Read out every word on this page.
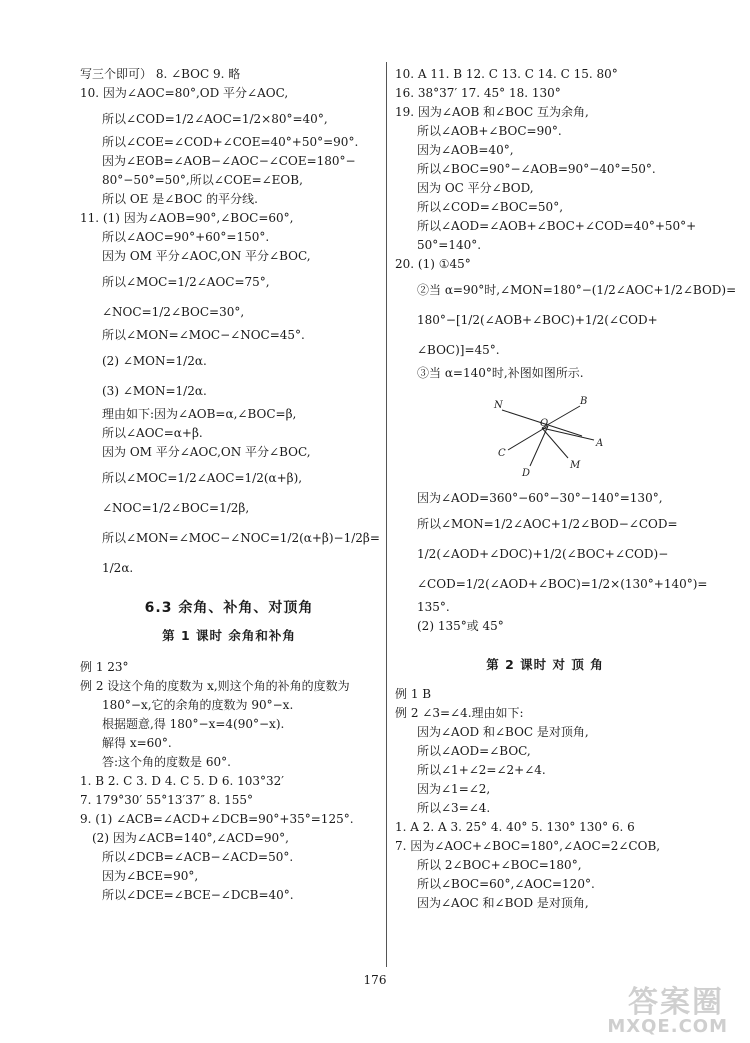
写三个即可） 8. ∠BOC 9. 略
10. 因为∠AOC=80°,OD 平分∠AOC,
所以∠COD=1/2∠AOC=1/2×80°=40°,
所以∠COE=∠COD+∠COE=40°+50°=90°.
因为∠EOB=∠AOB−∠AOC−∠COE=180°−
80°−50°=50°,所以∠COE=∠EOB,
所以 OE 是∠BOC 的平分线.
11. (1) 因为∠AOB=90°,∠BOC=60°,
所以∠AOC=90°+60°=150°.
因为 OM 平分∠AOC,ON 平分∠BOC,
所以∠MOC=1/2∠AOC=75°,
∠NOC=1/2∠BOC=30°,
所以∠MON=∠MOC−∠NOC=45°.
(2) ∠MON=1/2α.
(3) ∠MON=1/2α.
理由如下:因为∠AOB=α,∠BOC=β,
所以∠AOC=α+β.
因为 OM 平分∠AOC,ON 平分∠BOC,
所以∠MOC=1/2∠AOC=1/2(α+β),
∠NOC=1/2∠BOC=1/2β,
所以∠MON=∠MOC−∠NOC=1/2(α+β)−1/2β=
1/2α.
6.3 余角、补角、对顶角
第 1 课时 余角和补角
例 1 23°
例 2 设这个角的度数为 x,则这个角的补角的度数为
180°−x,它的余角的度数为 90°−x.
根据题意,得 180°−x=4(90°−x).
解得 x=60°.
答:这个角的度数是 60°.
1. B 2. C 3. D 4. C 5. D 6. 103°32′
7. 179°30′ 55°13′37″ 8. 155°
9. (1) ∠ACB=∠ACD+∠DCB=90°+35°=125°.
(2) 因为∠ACB=140°,∠ACD=90°,
所以∠DCB=∠ACB−∠ACD=50°.
因为∠BCE=90°,
所以∠DCE=∠BCE−∠DCB=40°.
10. A 11. B 12. C 13. C 14. C 15. 80°
16. 38°37′ 17. 45° 18. 130°
19. 因为∠AOB 和∠BOC 互为余角,
所以∠AOB+∠BOC=90°.
因为∠AOB=40°,
所以∠BOC=90°−∠AOB=90°−40°=50°.
因为 OC 平分∠BOD,
所以∠COD=∠BOC=50°,
所以∠AOD=∠AOB+∠BOC+∠COD=40°+50°+
50°=140°.
20. (1) ①45°
②当 α=90°时,∠MON=180°−(1/2∠AOC+1/2∠BOD)=
180°−[1/2(∠AOB+∠BOC)+1/2(∠COD+
∠BOC)]=45°.
③当 α=140°时,补图如图所示.
N	B
O
A
C
D
M
因为∠AOD=360°−60°−30°−140°=130°,
所以∠MON=1/2∠AOC+1/2∠BOD−∠COD=
1/2(∠AOD+∠DOC)+1/2(∠BOC+∠COD)−
∠COD=1/2(∠AOD+∠BOC)=1/2×(130°+140°)=
135°.
(2) 135°或 45°
第 2 课时 对 顶 角
例 1 B
例 2 ∠3=∠4.理由如下:
因为∠AOD 和∠BOC 是对顶角,
所以∠AOD=∠BOC,
所以∠1+∠2=∠2+∠4.
因为∠1=∠2,
所以∠3=∠4.
1. A 2. A 3. 25° 4. 40° 5. 130° 130° 6. 6
7. 因为∠AOC+∠BOC=180°,∠AOC=2∠COB,
所以 2∠BOC+∠BOC=180°,
所以∠BOC=60°,∠AOC=120°.
因为∠AOC 和∠BOD 是对顶角,
176
答案圈
MXQE.COM
